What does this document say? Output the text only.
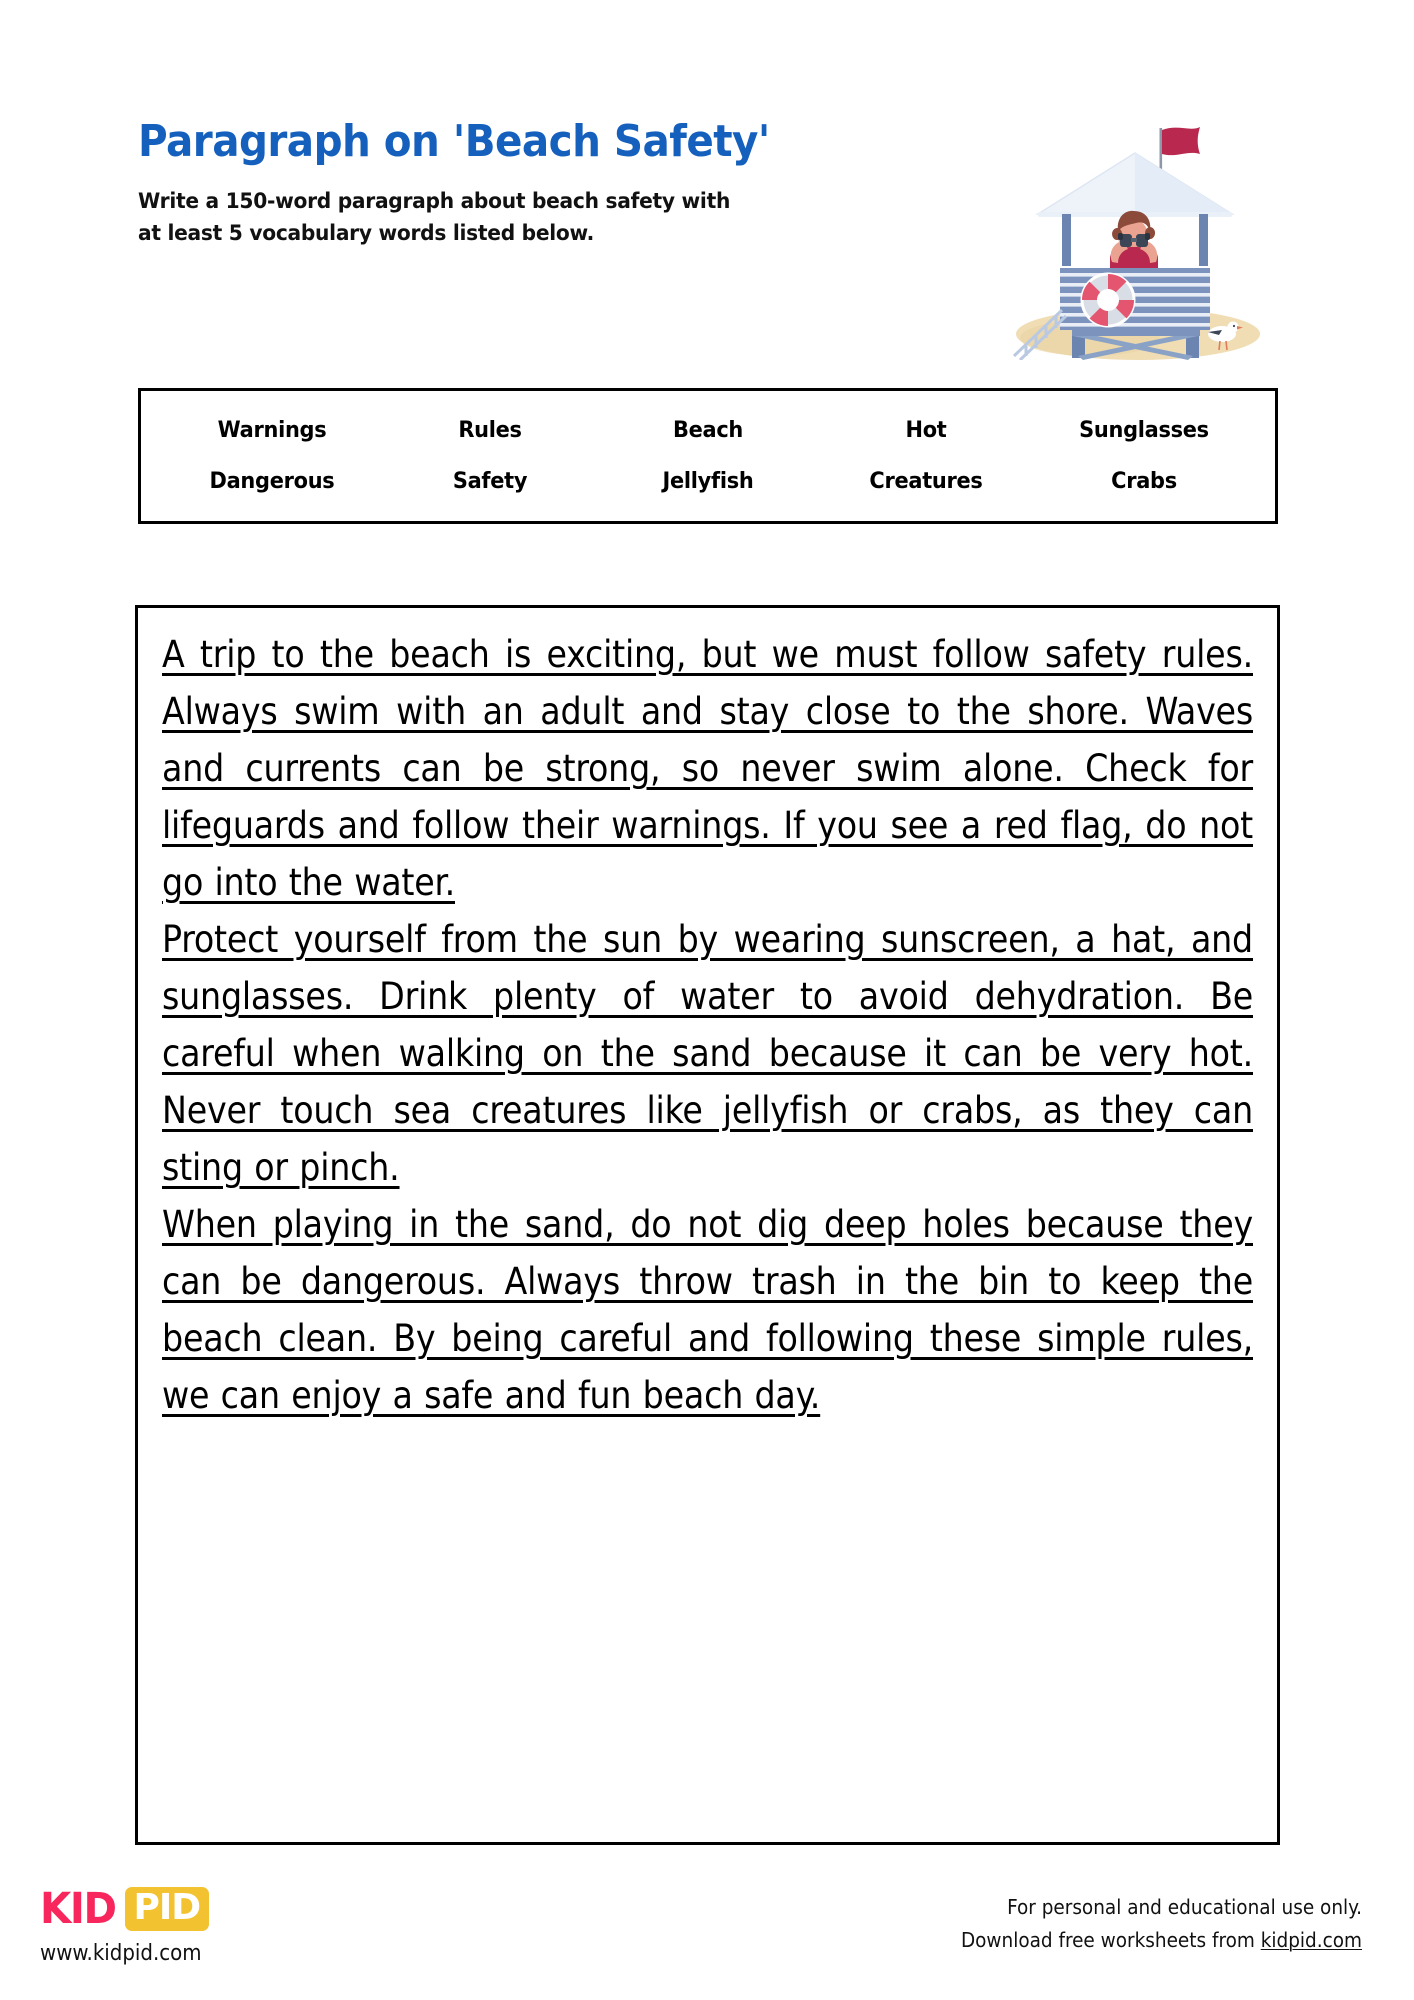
Paragraph on 'Beach Safety'
Write a 150-word paragraph about beach safety with
at least 5 vocabulary words listed below.
Warnings	Rules	Beach	Hot	Sunglasses
Dangerous	Safety	Jellyfish	Creatures	Crabs
A trip to the beach is exciting, but we must follow safety rules. Always swim with an adult and stay close to the shore. Waves and currents can be strong, so never swim alone. Check for lifeguards and follow their warnings. If you see a red flag, do not go into the water.
Protect yourself from the sun by wearing sunscreen, a hat, and sunglasses. Drink plenty of water to avoid dehydration. Be careful when walking on the sand because it can be very hot. Never touch sea creatures like jellyfish or crabs, as they can sting or pinch.
When playing in the sand, do not dig deep holes because they can be dangerous. Always throw trash in the bin to keep the beach clean. By being careful and following these simple rules, we can enjoy a safe and fun beach day.
KID PID
www.kidpid.com
For personal and educational use only.
Download free worksheets from kidpid.com
